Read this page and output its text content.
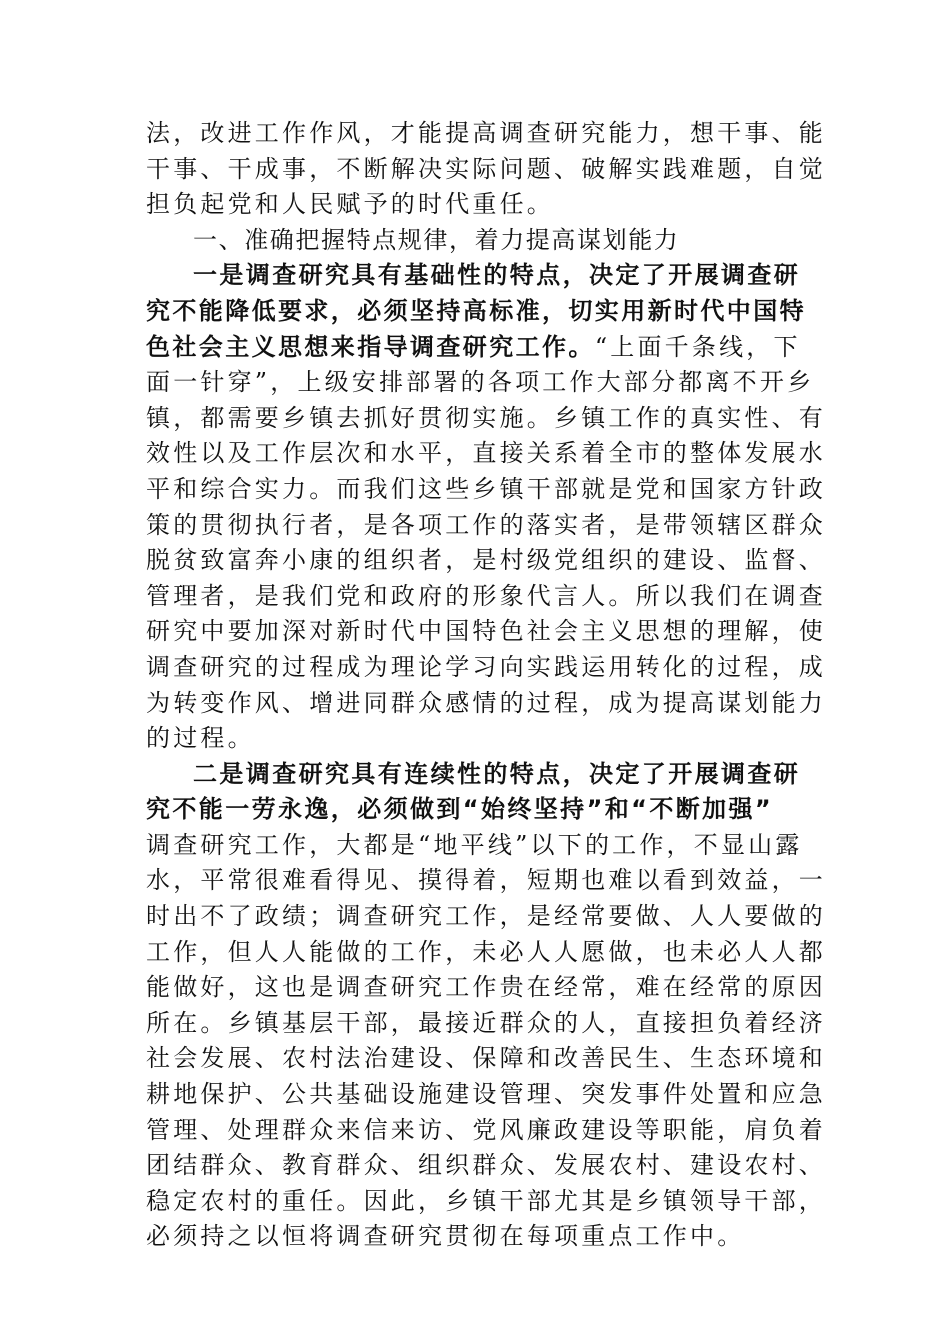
法，改进工作作风，才能提高调查研究能力，想干事、能
干事、干成事，不断解决实际问题、破解实践难题，自觉
担负起党和人民赋予的时代重任。
一、准确把握特点规律，着力提高谋划能力
一是调查研究具有基础性的特点，决定了开展调查研
究不能降低要求，必须坚持高标准，切实用新时代中国特
色社会主义思想来指导调查研究工作。“上面千条线，下
面一针穿”，上级安排部署的各项工作大部分都离不开乡
镇，都需要乡镇去抓好贯彻实施。乡镇工作的真实性、有
效性以及工作层次和水平，直接关系着全市的整体发展水
平和综合实力。而我们这些乡镇干部就是党和国家方针政
策的贯彻执行者，是各项工作的落实者，是带领辖区群众
脱贫致富奔小康的组织者，是村级党组织的建设、监督、
管理者，是我们党和政府的形象代言人。所以我们在调查
研究中要加深对新时代中国特色社会主义思想的理解，使
调查研究的过程成为理论学习向实践运用转化的过程，成
为转变作风、增进同群众感情的过程，成为提高谋划能力
的过程。
二是调查研究具有连续性的特点，决定了开展调查研
究不能一劳永逸，必须做到“始终坚持”和“不断加强”
调查研究工作，大都是“地平线”以下的工作，不显山露
水，平常很难看得见、摸得着，短期也难以看到效益，一
时出不了政绩；调查研究工作，是经常要做、人人要做的
工作，但人人能做的工作，未必人人愿做，也未必人人都
能做好，这也是调查研究工作贵在经常，难在经常的原因
所在。乡镇基层干部，最接近群众的人，直接担负着经济
社会发展、农村法治建设、保障和改善民生、生态环境和
耕地保护、公共基础设施建设管理、突发事件处置和应急
管理、处理群众来信来访、党风廉政建设等职能，肩负着
团结群众、教育群众、组织群众、发展农村、建设农村、
稳定农村的重任。因此，乡镇干部尤其是乡镇领导干部，
必须持之以恒将调查研究贯彻在每项重点工作中。
